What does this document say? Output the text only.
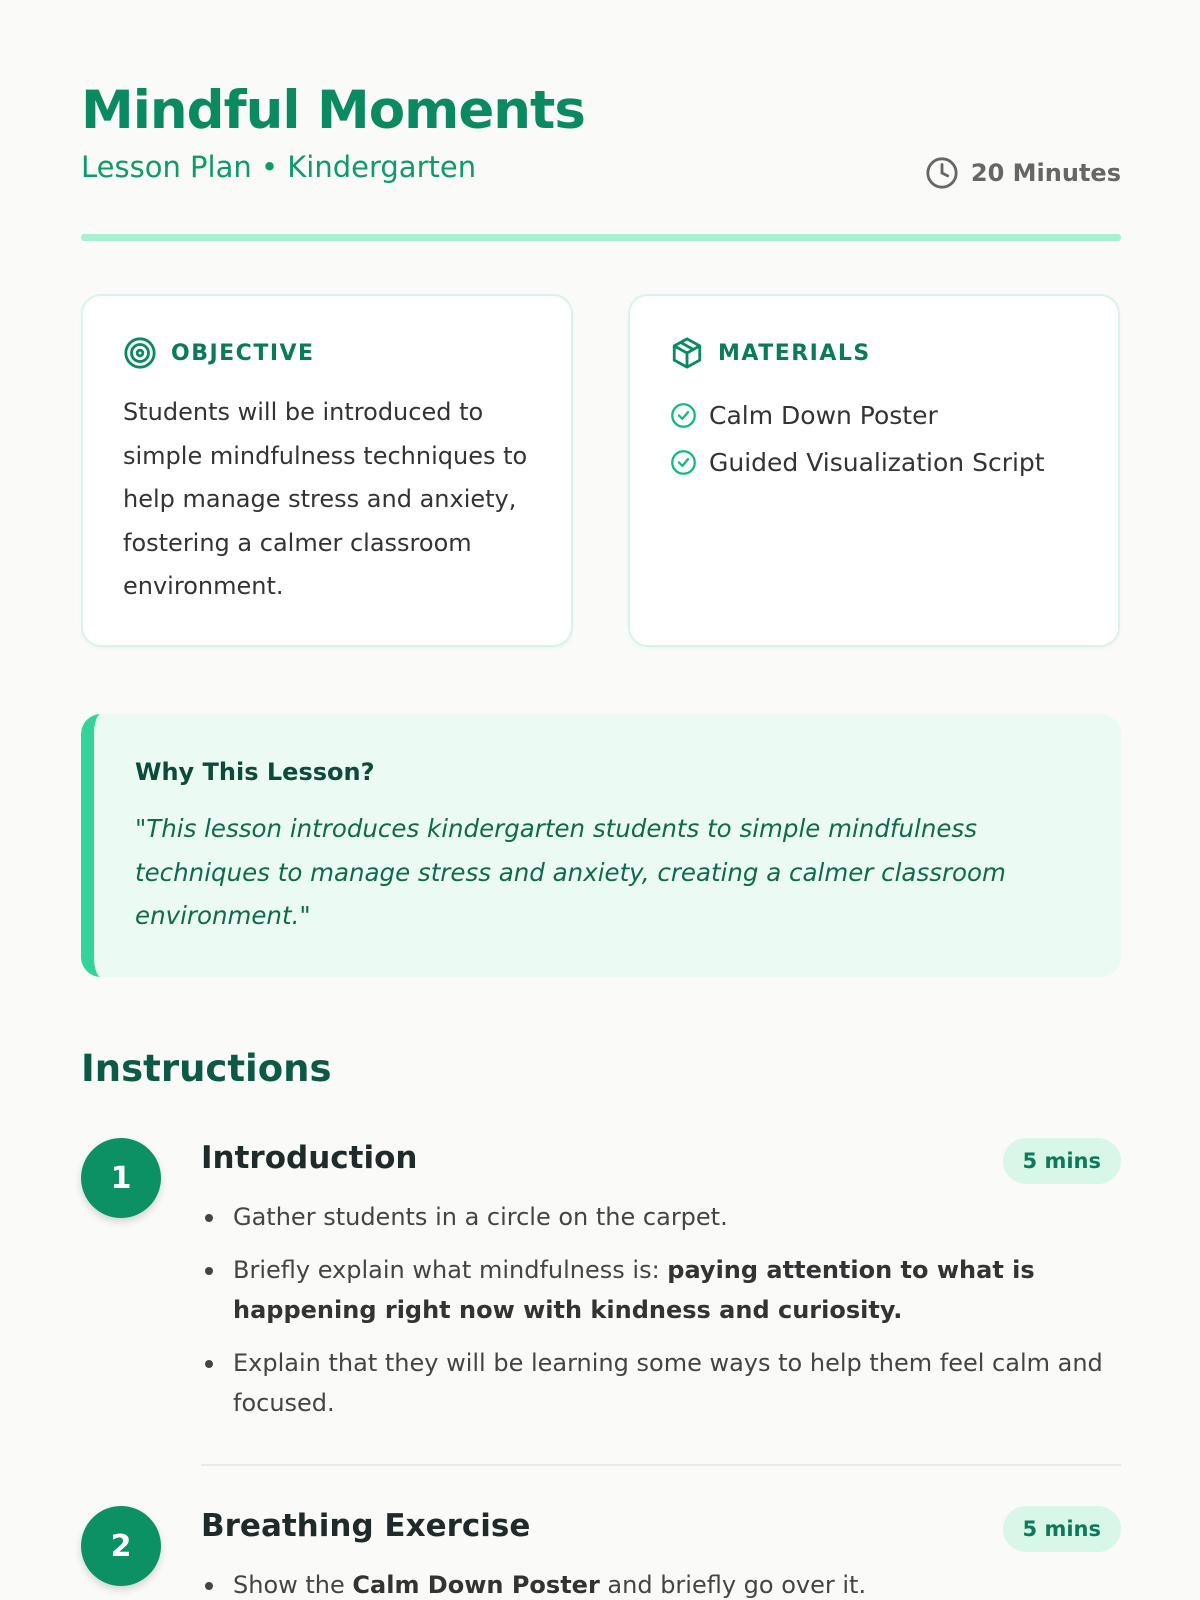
Mindful Moments
Lesson Plan • Kindergarten	20 Minutes
OBJECTIVE

Students will be introduced to simple mindfulness techniques to help manage stress and anxiety, fostering a calmer classroom environment.

MATERIALS
Calm Down Poster
Guided Visualization Script
Why This Lesson?

"This lesson introduces kindergarten students to simple mindfulness techniques to manage stress and anxiety, creating a calmer classroom environment."

Instructions
1
Introduction	5 mins
Gather students in a circle on the carpet.
Briefly explain what mindfulness is: paying attention to what is happening right now with kindness and curiosity.
Explain that they will be learning some ways to help them feel calm and focused.
2
Breathing Exercise	5 mins
Show the Calm Down Poster and briefly go over it.
